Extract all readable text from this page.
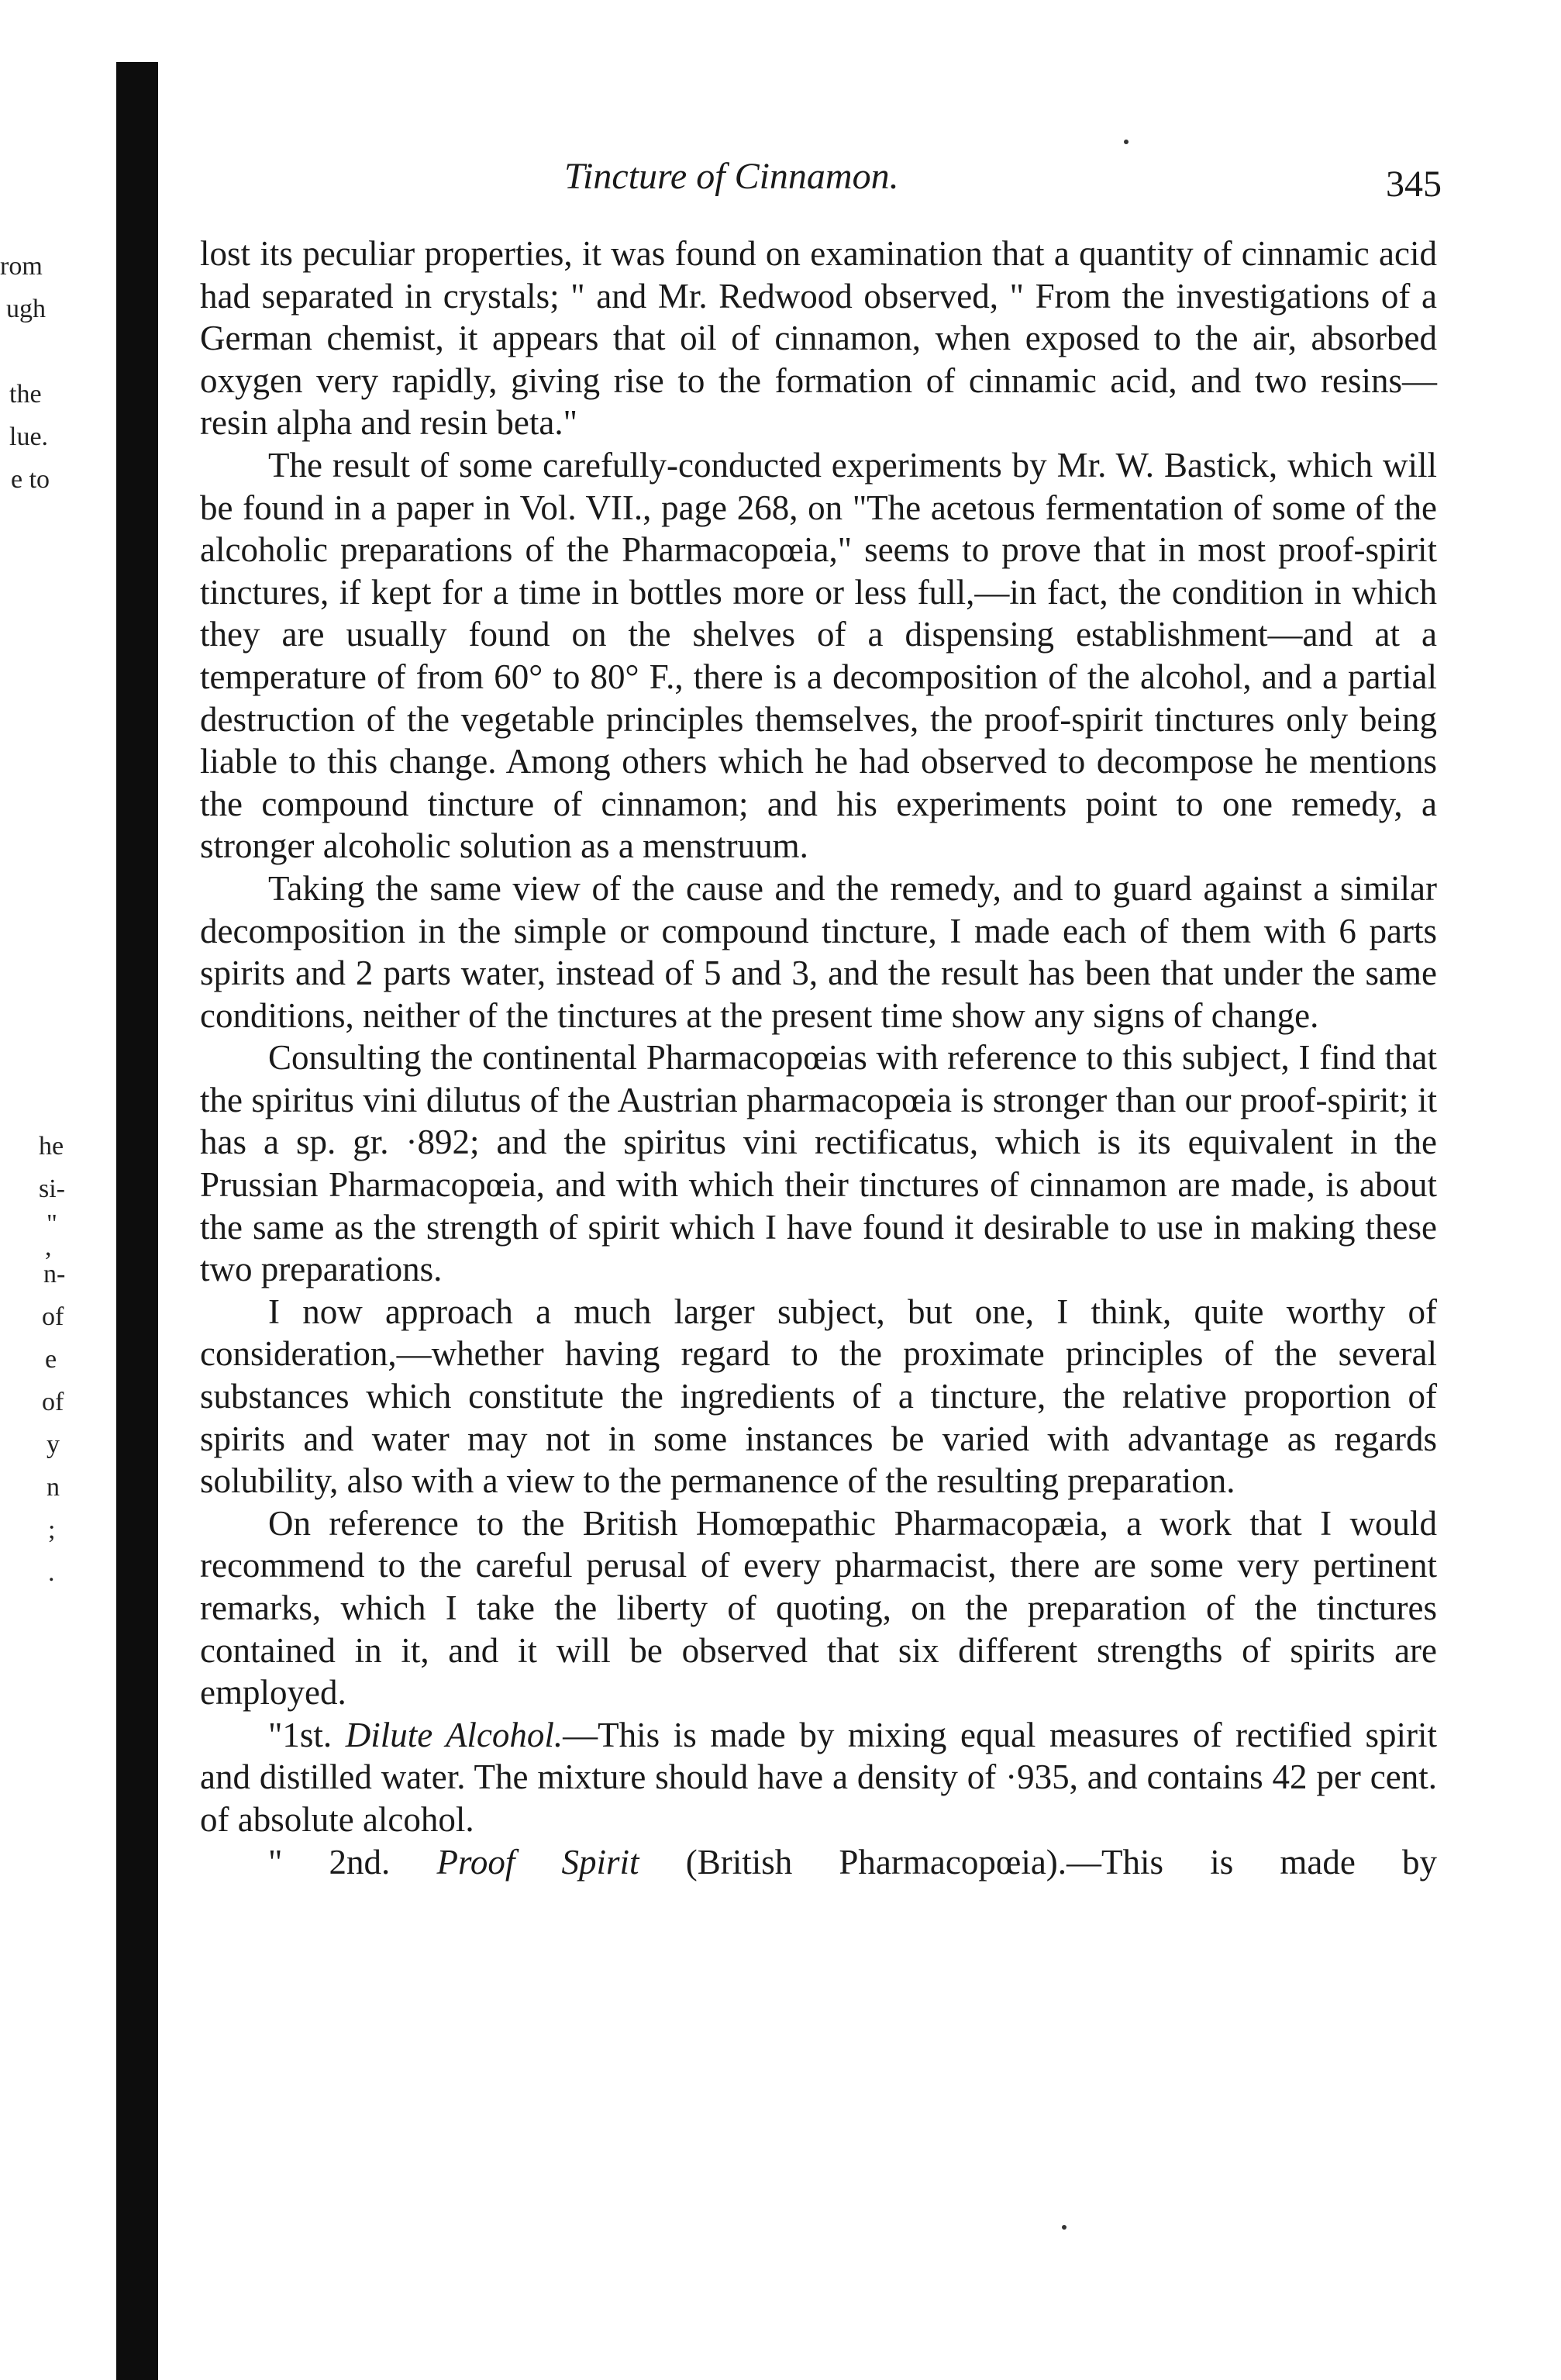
rom
ugh
the
lue.
e to
he
si-
"
,
n-
of
e
of
y
n
;
.
Tincture of Cinnamon.	345

lost its peculiar properties, it was found on examination that a quantity of cinnamic acid had separated in crystals; " and Mr. Redwood observed, " From the investigations of a German chemist, it appears that oil of cinnamon, when exposed to the air, absorbed oxygen very rapidly, giving rise to the formation of cinnamic acid, and two resins—resin alpha and resin beta."

The result of some carefully-conducted experiments by Mr. W. Bastick, which will be found in a paper in Vol. VII., page 268, on "The acetous fermentation of some of the alcoholic preparations of the Pharmacopœia," seems to prove that in most proof-spirit tinctures, if kept for a time in bottles more or less full,—in fact, the condition in which they are usually found on the shelves of a dispensing establishment—and at a temperature of from 60° to 80° F., there is a decomposition of the alcohol, and a partial destruction of the vegetable principles themselves, the proof-spirit tinctures only being liable to this change. Among others which he had observed to decompose he mentions the compound tincture of cinnamon; and his experiments point to one remedy, a stronger alcoholic solution as a menstruum.

Taking the same view of the cause and the remedy, and to guard against a similar decomposition in the simple or compound tincture, I made each of them with 6 parts spirits and 2 parts water, instead of 5 and 3, and the result has been that under the same conditions, neither of the tinctures at the present time show any signs of change.

Consulting the continental Pharmacopœias with reference to this subject, I find that the spiritus vini dilutus of the Austrian pharmacopœia is stronger than our proof-spirit; it has a sp. gr. ·892; and the spiritus vini rectificatus, which is its equivalent in the Prussian Pharmacopœia, and with which their tinctures of cinnamon are made, is about the same as the strength of spirit which I have found it desirable to use in making these two preparations.

I now approach a much larger subject, but one, I think, quite worthy of consideration,—whether having regard to the proximate principles of the several substances which constitute the ingredients of a tincture, the relative proportion of spirits and water may not in some instances be varied with advantage as regards solubility, also with a view to the permanence of the resulting preparation.

On reference to the British Homœpathic Pharmacopæia, a work that I would recommend to the careful perusal of every pharmacist, there are some very pertinent remarks, which I take the liberty of quoting, on the preparation of the tinctures contained in it, and it will be observed that six different strengths of spirits are employed.

"1st. Dilute Alcohol.—This is made by mixing equal measures of rectified spirit and distilled water. The mixture should have a density of ·935, and contains 42 per cent. of absolute alcohol.

" 2nd. Proof Spirit (British Pharmacopœia).—This is made by
